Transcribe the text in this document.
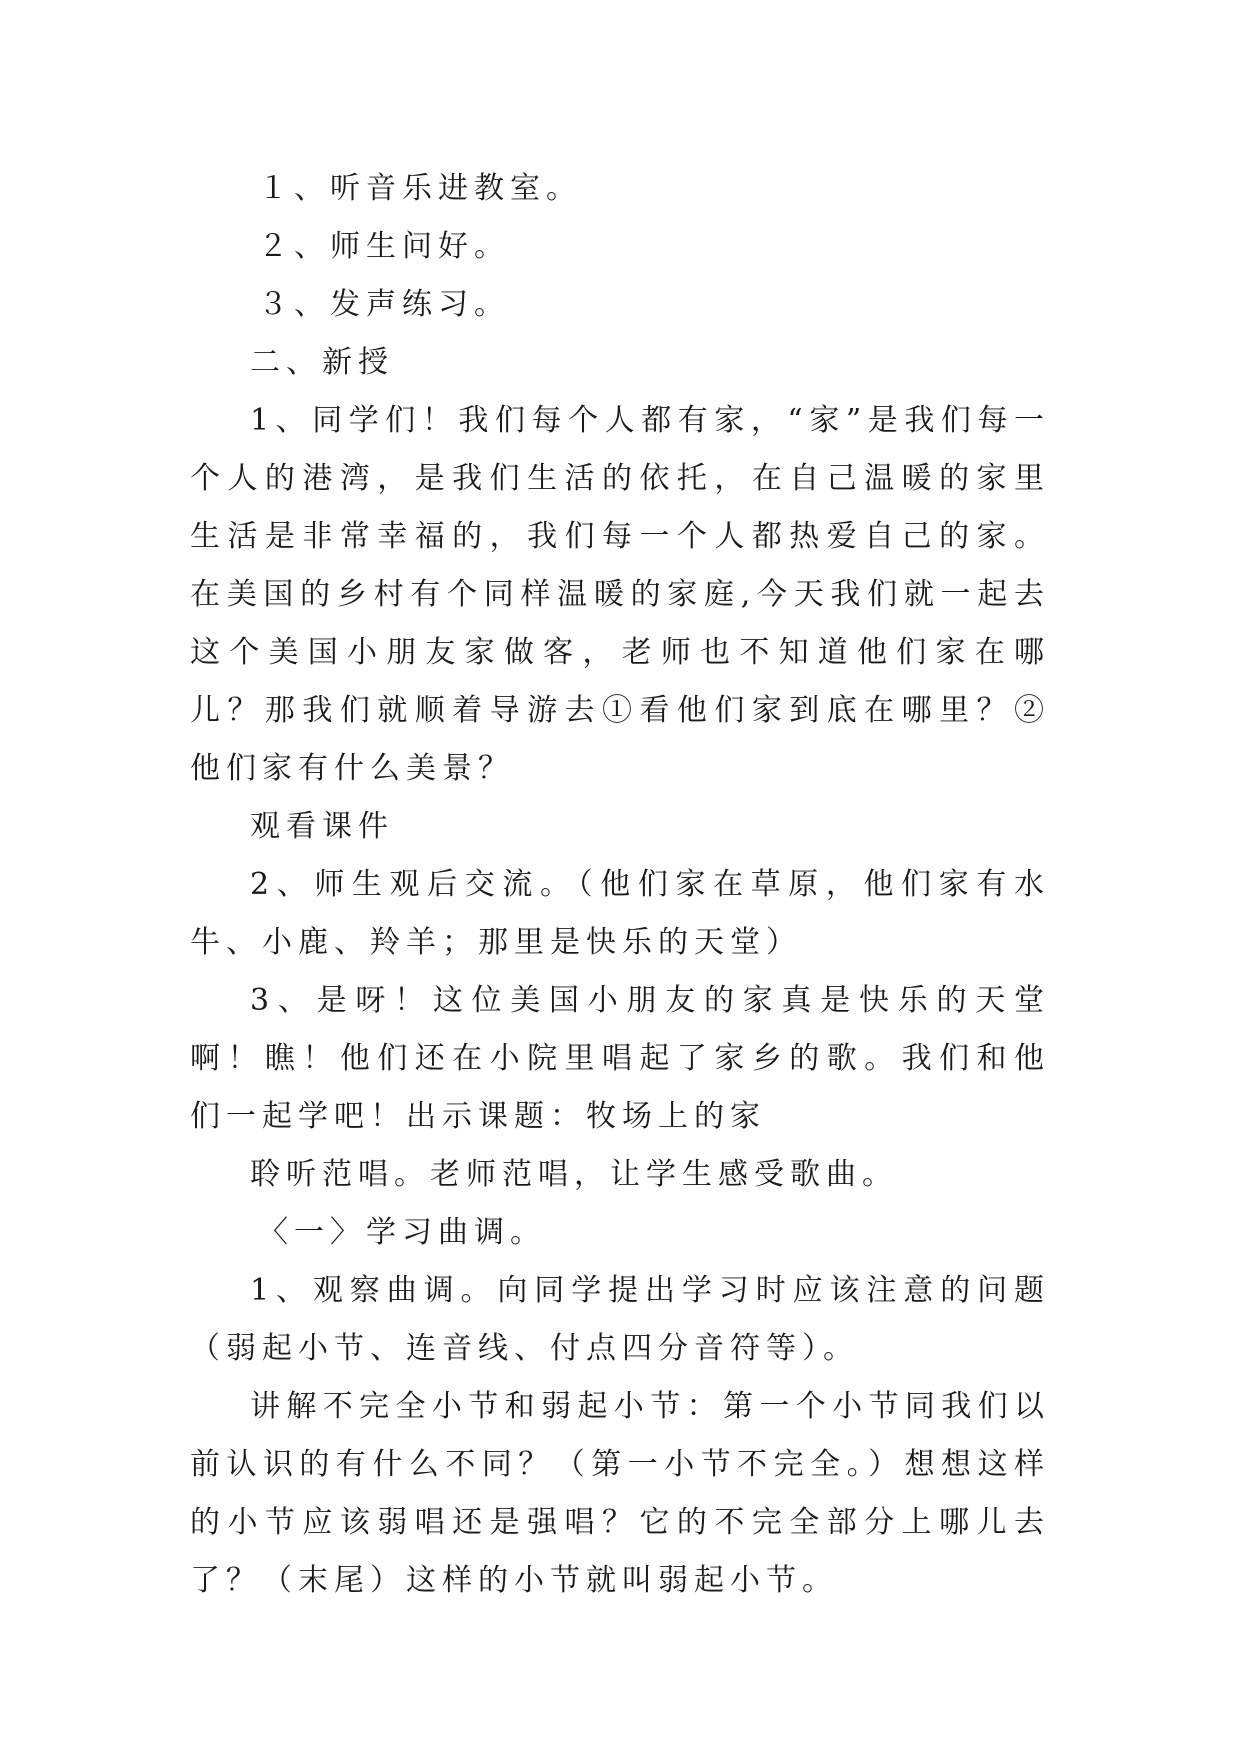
１、听音乐进教室。

２、师生问好。

３、发声练习。

二、新授

1、同学们！我们每个人都有家，“家”是我们每一个人的港湾，是我们生活的依托，在自己温暖的家里生活是非常幸福的，我们每一个人都热爱自己的家。在美国的乡村有个同样温暖的家庭,今天我们就一起去这个美国小朋友家做客，老师也不知道他们家在哪儿？那我们就顺着导游去①看他们家到底在哪里？②他们家有什么美景？

观看课件

2、师生观后交流。（他们家在草原，他们家有水牛、小鹿、羚羊；那里是快乐的天堂）

3、是呀！这位美国小朋友的家真是快乐的天堂啊！瞧！他们还在小院里唱起了家乡的歌。我们和他们一起学吧！出示课题：牧场上的家

聆听范唱。老师范唱，让学生感受歌曲。

〈一〉学习曲调。

1、观察曲调。向同学提出学习时应该注意的问题（弱起小节、连音线、付点四分音符等）。

讲解不完全小节和弱起小节：第一个小节同我们以前认识的有什么不同？（第一小节不完全。）想想这样的小节应该弱唱还是强唱？它的不完全部分上哪儿去了？（末尾）这样的小节就叫弱起小节。
